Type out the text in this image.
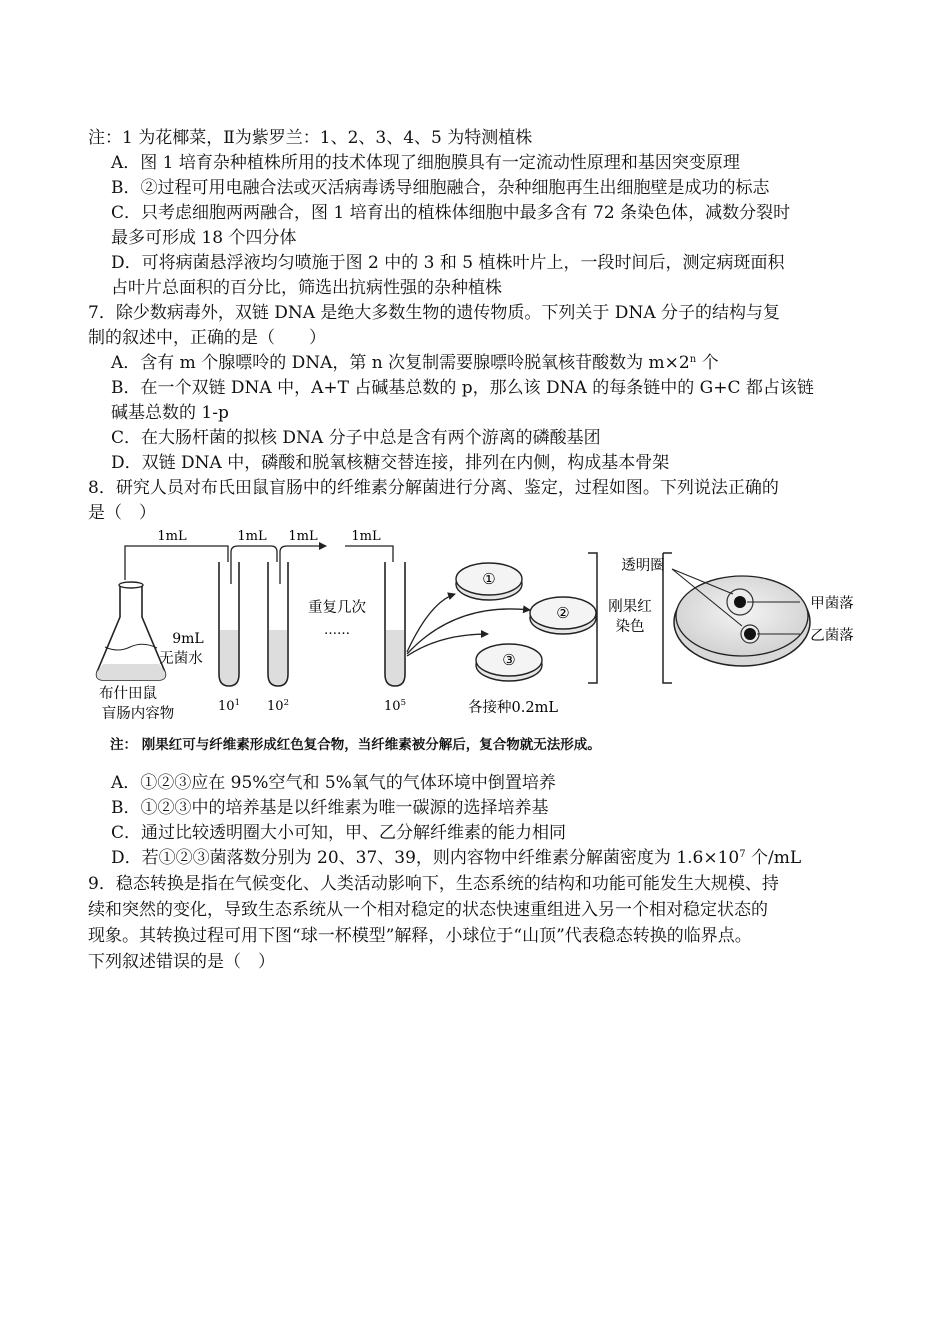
注：1 为花椰菜，Ⅱ为紫罗兰：1、2、3、4、5 为特测植株
A．图 1 培育杂种植株所用的技术体现了细胞膜具有一定流动性原理和基因突变原理
B．②过程可用电融合法或灭活病毒诱导细胞融合，杂种细胞再生出细胞壁是成功的标志
C．只考虑细胞两两融合，图 1 培育出的植株体细胞中最多含有 72 条染色体，减数分裂时
最多可形成 18 个四分体
D．可将病菌悬浮液均匀喷施于图 2 中的 3 和 5 植株叶片上，一段时间后，测定病斑面积
占叶片总面积的百分比，筛选出抗病性强的杂种植株
7．除少数病毒外，双链 DNA 是绝大多数生物的遗传物质。下列关于 DNA 分子的结构与复
制的叙述中，正确的是（　　）
A．含有 m 个腺嘌呤的 DNA，第 n 次复制需要腺嘌呤脱氧核苷酸数为 $m\times 2^n$ 个
B．在一个双链 DNA 中，A+T 占碱基总数的 p，那么该 DNA 的每条链中的 G+C 都占该链
碱基总数的 1-p
C．在大肠杆菌的拟核 DNA 分子中总是含有两个游离的磷酸基团
D．双链 DNA 中，磷酸和脱氧核糖交替连接，排列在内侧，构成基本骨架
8．研究人员对布氏田鼠盲肠中的纤维素分解菌进行分离、鉴定，过程如图。下列说法正确的
是（　）
1mL	1mL 1mL
重复几次
……
1mL
9mL
无菌水
布什田鼠
盲肠内容物	$10^1$ $10^2$	$10^5$
①
②
③
各接种0.2mL
刚果红
染色
透明圈
甲菌落
乙菌落
注： 刚果红可与纤维素形成红色复合物，当纤维素被分解后，复合物就无法形成。
A．①②③应在 95%空气和 5%氧气的气体环境中倒置培养
B．①②③中的培养基是以纤维素为唯一碳源的选择培养基
C．通过比较透明圈大小可知，甲、乙分解纤维素的能力相同
D．若①②③菌落数分别为 20、37、39，则内容物中纤维素分解菌密度为 $1.6\times 10^7$ 个/mL
9．稳态转换是指在气候变化、人类活动影响下，生态系统的结构和功能可能发生大规模、持
续和突然的变化，导致生态系统从一个相对稳定的状态快速重组进入另一个相对稳定状态的
现象。其转换过程可用下图“球一杯模型”解释，小球位于“山顶”代表稳态转换的临界点。
下列叙述错误的是（　）
